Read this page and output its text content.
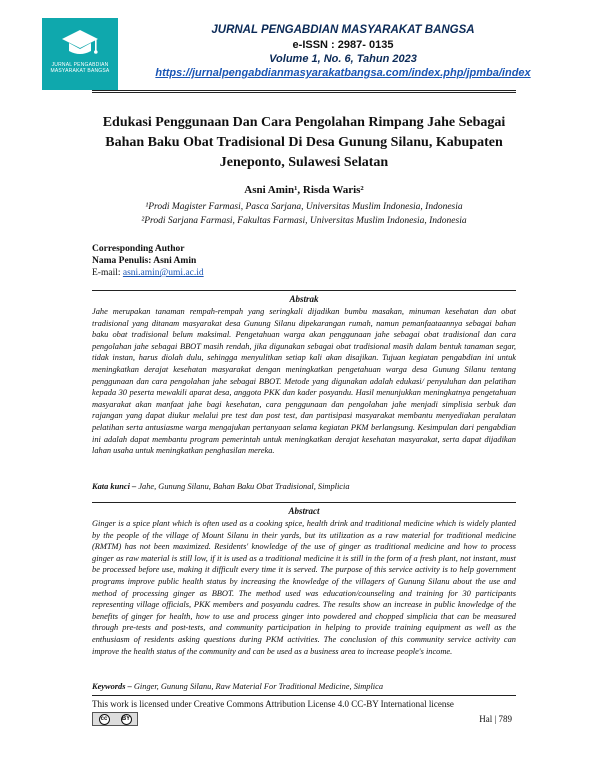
JURNAL PENGABDIAN
MASYARAKAT BANGSA
JURNAL PENGABDIAN MASYARAKAT BANGSA
e-ISSN : 2987- 0135
Volume 1, No. 6, Tahun 2023
https://jurnalpengabdianmasyarakatbangsa.com/index.php/jpmba/index
Edukasi Penggunaan Dan Cara Pengolahan Rimpang Jahe Sebagai Bahan Baku Obat Tradisional Di Desa Gunung Silanu, Kabupaten Jeneponto, Sulawesi Selatan
Asni Amin¹, Risda Waris²
¹Prodi Magister Farmasi, Pasca Sarjana, Universitas Muslim Indonesia, Indonesia
²Prodi Sarjana Farmasi, Fakultas Farmasi, Universitas Muslim Indonesia, Indonesia
Corresponding Author
Nama Penulis: Asni Amin
E-mail: asni.amin@umi.ac.id
Abstrak
Jahe merupakan tanaman rempah-rempah yang seringkali dijadikan bumbu masakan, minuman kesehatan dan obat tradisional yang ditanam masyarakat desa Gunung Silanu dipekarangan rumah, namun pemanfaataannya sebagai bahan baku obat tradisional belum maksimal. Pengetahuan warga akan penggunaan jahe sebagai obat tradisional dan cara pengolahan jahe sebagai BBOT masih rendah, jika digunakan sebagai obat tradisional masih dalam bentuk tanaman segar, tidak instan, harus diolah dulu, sehingga menyulitkan setiap kali akan disajikan. Tujuan kegiatan pengabdian ini untuk meningkatkan derajat kesehatan masyarakat dengan meningkatkan pengetahuan warga desa Gunung Silanu tentang penggunaan dan cara pengolahan jahe sebagai BBOT. Metode yang digunakan adalah edukasi/ penyuluhan dan pelatihan kepada 30 peserta mewakili aparat desa, anggota PKK dan kader posyandu. Hasil menunjukkan meningkatnya pengetahuan masyarakat akan manfaat jahe bagi kesehatan, cara penggunaan dan pengolahan jahe menjadi simplisia serbuk dan rajangan yang dapat diukur melalui pre test dan post test, dan partisipasi masyarakat membantu menyediakan peralatan pelatihan serta antusiasme warga mengajukan pertanyaan selama kegiatan PKM berlangsung. Kesimpulan dari pengabdian ini adalah dapat membantu program pemerintah untuk meningkatkan derajat kesehatan masyarakat, serta dapat dijadikan lahan usaha untuk meningkatkan penghasilan mereka.
Kata kunci – Jahe, Gunung Silanu, Bahan Baku Obat Tradisional, Simplicia
Abstract
Ginger is a spice plant which is often used as a cooking spice, health drink and traditional medicine which is widely planted by the people of the village of Mount Silanu in their yards, but its utilization as a raw material for traditional medicine (RMTM) has not been maximized. Residents' knowledge of the use of ginger as traditional medicine and how to process ginger as raw material is still low, if it is used as a traditional medicine it is still in the form of a fresh plant, not instant, must be processed before use, making it difficult every time it is served. The purpose of this service activity is to help government programs improve public health status by increasing the knowledge of the villagers of Gunung Silanu about the use and method of processing ginger as BBOT. The method used was education/counseling and training for 30 participants representing village officials, PKK members and posyandu cadres. The results show an increase in public knowledge of the benefits of ginger for health, how to use and process ginger into powdered and chopped simplicia that can be measured through pre-tests and post-tests, and community participation in helping to provide training equipment as well as the enthusiasm of residents asking questions during PKM activities. The conclusion of this community service activity can improve the health status of the community and can be used as a business area to increase people's income.
Keywords – Ginger, Gunung Silanu, Raw Material For Traditional Medicine, Simplica
This work is licensed under Creative Commons Attribution License 4.0 CC-BY International license
cc	BY	Hal | 789
